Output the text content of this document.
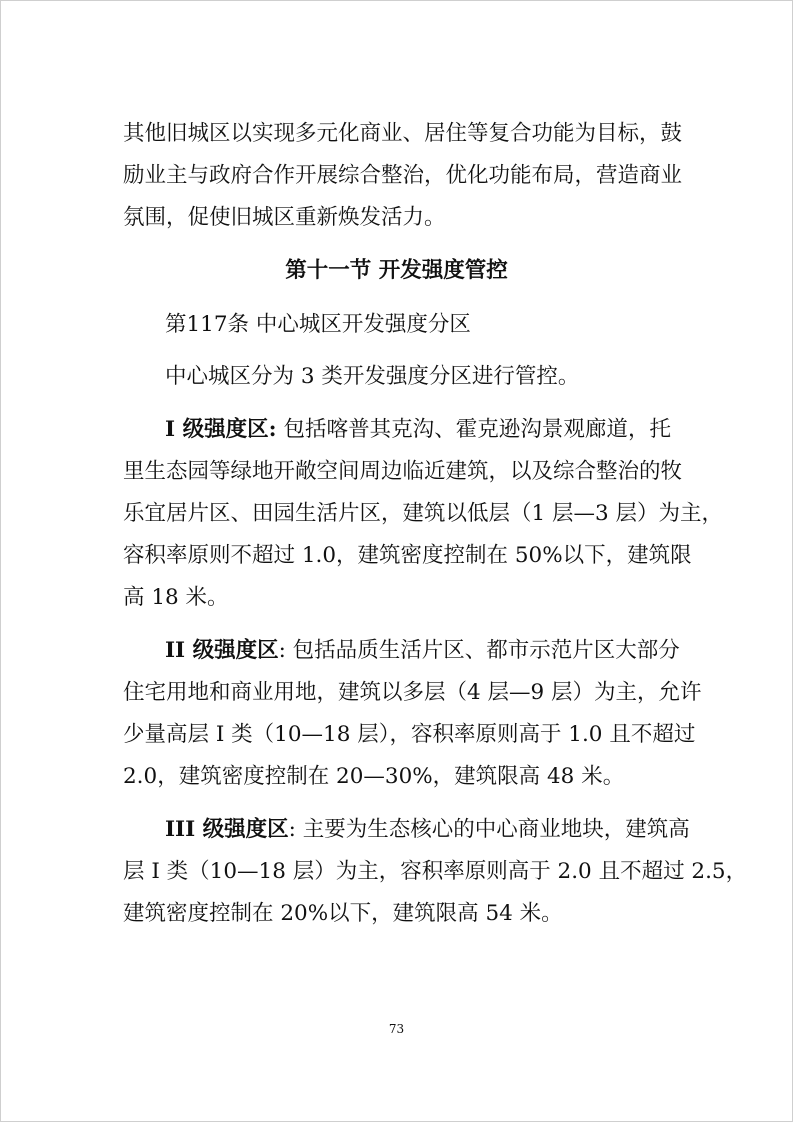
其他旧城区以实现多元化商业、居住等复合功能为目标，鼓
励业主与政府合作开展综合整治，优化功能布局，营造商业
氛围，促使旧城区重新焕发活力。
第十一节 开发强度管控
第117条 中心城区开发强度分区
中心城区分为 3 类开发强度分区进行管控。
I 级强度区: 包括喀普其克沟、霍克逊沟景观廊道，托
里生态园等绿地开敞空间周边临近建筑，以及综合整治的牧
乐宜居片区、田园生活片区，建筑以低层（1 层—3 层）为主，
容积率原则不超过 1.0，建筑密度控制在 50%以下，建筑限
高 18 米。
II 级强度区: 包括品质生活片区、都市示范片区大部分
住宅用地和商业用地，建筑以多层（4 层—9 层）为主，允许
少量高层 I 类（10—18 层），容积率原则高于 1.0 且不超过
2.0，建筑密度控制在 20—30%，建筑限高 48 米。
III 级强度区: 主要为生态核心的中心商业地块，建筑高
层 I 类（10—18 层）为主，容积率原则高于 2.0 且不超过 2.5，
建筑密度控制在 20%以下，建筑限高 54 米。
73
